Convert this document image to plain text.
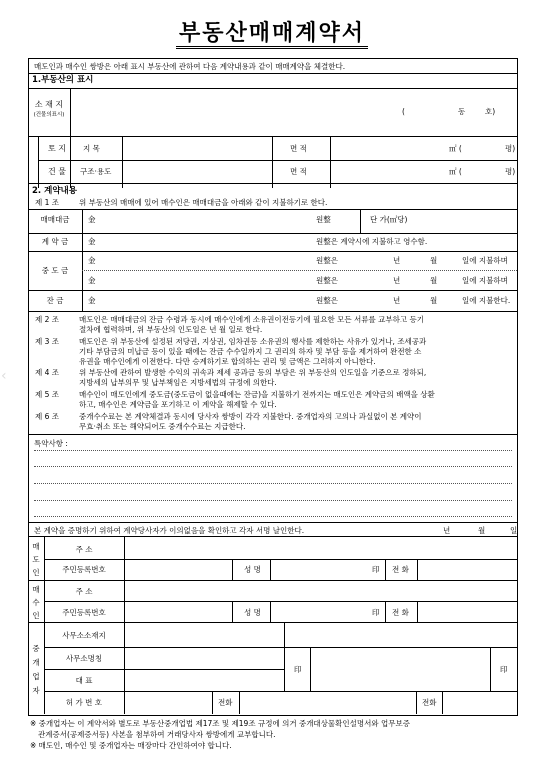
부동산매매계약서
‹
매도인과 매수인 쌍방은 아래 표시 부동산에 관하여 다음 계약내용과 같이 매매계약을 체결한다.
1.부동산의 표시
소 재 지
(건물의표시)	(	동	호)
토 지 지 목	면 적	㎡ (	평)
건 물 구조·용도	면 적	㎡ (	평)
2. 계약내용
제 1 조	위 부동산의 매매에 있어 매수인은 매매대금을 아래와 같이 지불하기로 한다.
매매대금	金	원整	단 가(㎡당)
계 약 금	金	원整은 계약시에 지불하고 영수함.
중 도 금
金	원整은	년	월	일에 지불하며
金	원整은	년	월	일에 지불하며
잔 금	金	원整은	년	월	일에 지불한다.
제 2 조	매도인은 매매대금의 잔금 수령과 동시에 매수인에게 소유권이전등기에 필요한 모든 서류를 교부하고 등기
절차에 협력하며, 위 부동산의 인도일은 년 월 일로 한다.
제 3 조	매도인은 위 부동산에 설정된 저당권, 지상권, 임차권등 소유권의 행사를 제한하는 사유가 있거나, 조세공과
기타 부담금의 미납금 등이 있을 때에는 잔금 수수일까지 그 권리의 하자 및 부담 등을 제거하여 완전한 소
유권을 매수인에게 이전한다. 다만 승계하기로 합의하는 권리 및 금액은 그러하지 아니한다.
제 4 조	위 부동산에 관하여 발생한 수익의 귀속과 제세 공과금 등의 부담은 위 부동산의 인도일을 기준으로 정하되,
지방세의 납부의무 및 납부책임은 지방세법의 규정에 의한다.
제 5 조	매수인이 매도인에게 중도금(중도금이 없을때에는 잔금)을 지불하기 전까지는 매도인은 계약금의 배액을 상환
하고, 매수인은 계약금을 포기하고 이 계약을 해제할 수 있다.
제 6 조	중개수수료는 본 계약체결과 동시에 당사자 쌍방이 각각 지불한다. 중개업자의 고의나 과실없이 본 계약이
무효·취소 또는 해약되어도 중개수수료는 지급한다.
특약사항 :
본 계약을 증명하기 위하여 계약당사자가 이의없음을 확인하고 각자 서명 날인한다.	년	월	일
매
도
인
주 소
주민등록번호	성 명	印 전 화
매
수
인
주 소
주민등록번호	성 명	印 전 화
중
개
업
자
사무소소재지
사무소명칭
대 표
印	印
허 가 번 호	전화	전화
※ 중개업자는 이 계약서와 별도로 부동산중개업법 제17조 및 제19조 규정에 의거 중개대상물확인설명서와 업무보증
관계증서(공제증서등) 사본을 첨부하여 거래당사자 쌍방에게 교부합니다.
※ 매도인, 매수인 및 중개업자는 매장마다 간인하여야 합니다.
